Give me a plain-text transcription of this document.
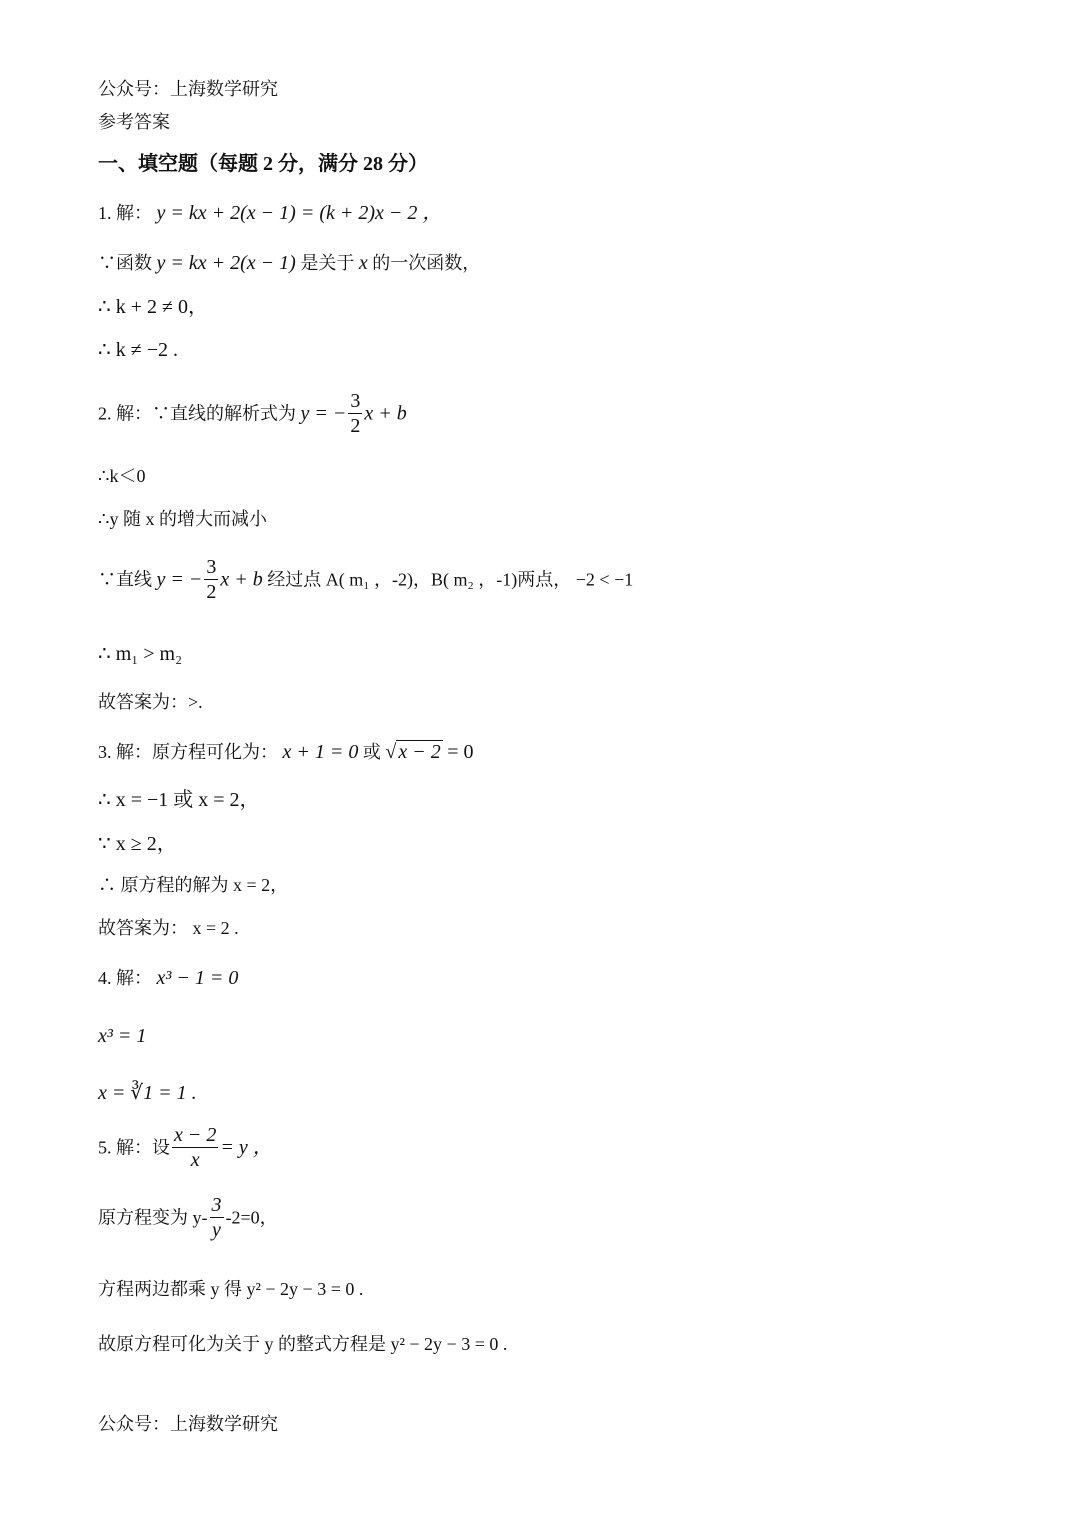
公众号：上海数学研究
参考答案
一、填空题（每题 2 分，满分 28 分）
1. 解： y = kx + 2(x − 1) = (k + 2)x − 2 ，
∵函数 y = kx + 2(x − 1) 是关于 x 的一次函数，
∴ k + 2 ≠ 0，
∴ k ≠ −2 .
2. 解：∵直线的解析式为 y = − $\frac{3}{2}$ x + b
∴k＜0
∴y 随 x 的增大而减小
∵直线 y = − $\frac{3}{2}$ x + b 经过点 A( m₁ ，-2)，B( m₂ ，-1)两点， −2 < −1
∴ m₁ > m₂
故答案为：>.
3. 解：原方程可化为： x + 1 = 0 或 √ x − 2 = 0
∴ x = −1 或 x = 2，
∵ x ≥ 2，
∴ 原方程的解为 x = 2，
故答案为： x = 2 .
4. 解： x³ − 1 = 0
x³ = 1
x = ∛1 = 1 .
5. 解：设 $\frac{x - 2}{x} = y$ ，
原方程变为 $y- \frac{3}{y} -2=0$，
方程两边都乘 y 得 y² − 2y − 3 = 0 .
故原方程可化为关于 y 的整式方程是 y² − 2y − 3 = 0 .
公众号：上海数学研究
